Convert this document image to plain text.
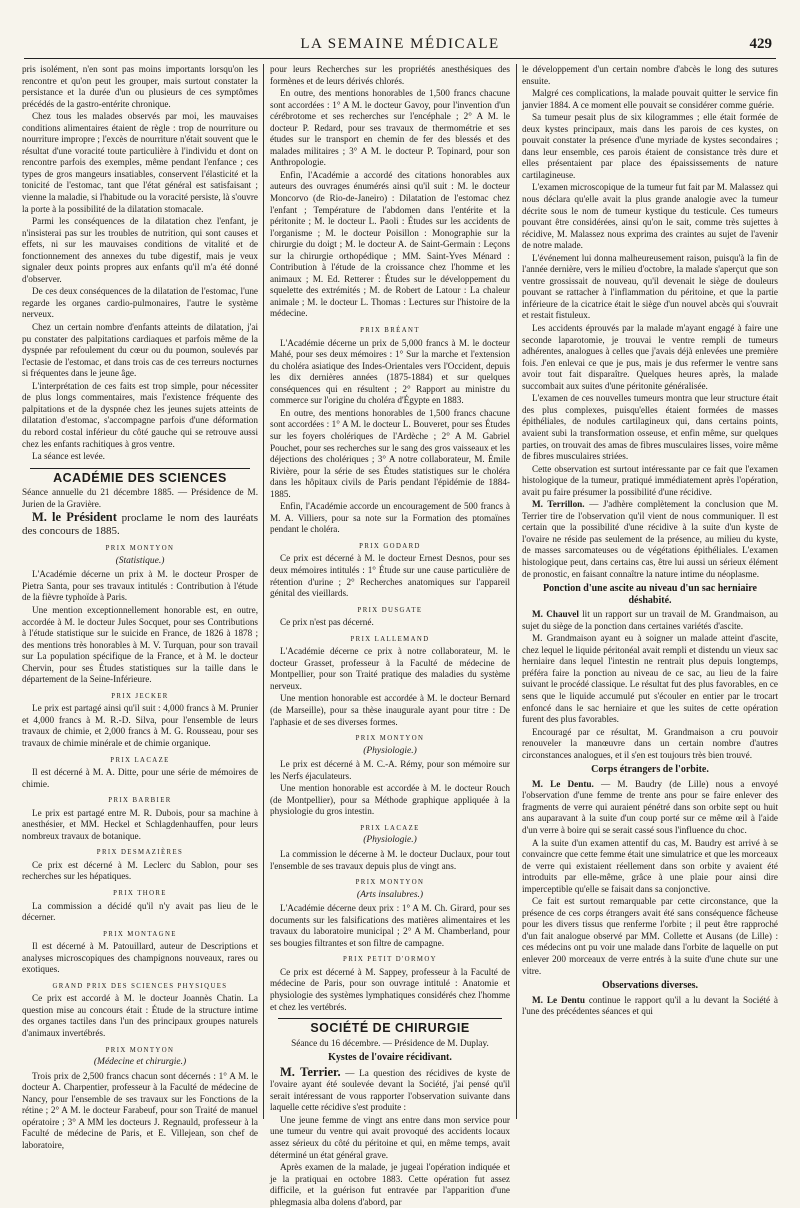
LA SEMAINE MÉDICALE	429

pris isolément, n'en sont pas moins importants lorsqu'on les rencontre et qu'on peut les grouper, mais surtout constater la persistance et la durée d'un ou plusieurs de ces symptômes précédés de la gastro-entérite chronique.

Chez tous les malades observés par moi, les mauvaises conditions alimentaires étaient de règle : trop de nourriture ou nourriture impropre ; l'excès de nourriture n'était souvent que le résultat d'une voracité toute particulière à l'individu et dont on rencontre parfois des exemples, même pendant l'enfance ; ces types de gros mangeurs insatiables, conservent l'élasticité et la tonicité de l'estomac, tant que l'état général est satisfaisant ; vienne la maladie, si l'habitude ou la voracité persiste, là s'ouvre la porte à la possibilité de la dilatation stomacale.

Parmi les conséquences de la dilatation chez l'enfant, je n'insisterai pas sur les troubles de nutrition, qui sont causes et effets, ni sur les mauvaises conditions de vitalité et de fonctionnement des annexes du tube digestif, mais je veux signaler deux points propres aux enfants qu'il m'a été donné d'observer.

De ces deux conséquences de la dilatation de l'estomac, l'une regarde les organes cardio-pulmonaires, l'autre le système nerveux.

Chez un certain nombre d'enfants atteints de dilatation, j'ai pu constater des palpitations cardiaques et parfois même de la dyspnée par refoulement du cœur ou du poumon, soulevés par l'ectasie de l'estomac, et dans trois cas de ces terreurs nocturnes si fréquentes dans le jeune âge.

L'interprétation de ces faits est trop simple, pour nécessiter de plus longs commentaires, mais l'existence fréquente des palpitations et de la dyspnée chez les jeunes sujets atteints de dilatation d'estomac, s'accompagne parfois d'une déformation du rebord costal inférieur du côté gauche qui se retrouve aussi chez les enfants rachitiques à gros ventre.

La séance est levée.

ACADÉMIE DES SCIENCES

Séance annuelle du 21 décembre 1885. — Présidence de M. Jurien de la Gravière.

M. le Président proclame le nom des lauréats des concours de 1885.

PRIX MONTYON
(Statistique.)

L'Académie décerne un prix à M. le docteur Prosper de Pietra Santa, pour ses travaux intitulés : Contribution à l'étude de la fièvre typhoïde à Paris.

Une mention exceptionnellement honorable est, en outre, accordée à M. le docteur Jules Socquet, pour ses Contributions à l'étude statistique sur le suicide en France, de 1826 à 1878 ; des mentions très honorables à M. V. Turquan, pour son travail sur La population spécifique de la France, et à M. le docteur Chervin, pour ses Études statistiques sur la taille dans le département de la Seine-Inférieure.

PRIX JECKER

Le prix est partagé ainsi qu'il suit : 4,000 francs à M. Prunier et 4,000 francs à M. R.-D. Silva, pour l'ensemble de leurs travaux de chimie, et 2,000 francs à M. G. Rousseau, pour ses travaux de chimie minérale et de chimie organique.

PRIX LACAZE

Il est décerné à M. A. Ditte, pour une série de mémoires de chimie.

PRIX BARBIER

Le prix est partagé entre M. R. Dubois, pour sa machine à anesthésier, et MM. Heckel et Schlagdenhauffen, pour leurs nombreux travaux de botanique.

PRIX DESMAZIÈRES

Ce prix est décerné à M. Leclerc du Sablon, pour ses recherches sur les hépatiques.

PRIX THORE

La commission a décidé qu'il n'y avait pas lieu de le décerner.

PRIX MONTAGNE

Il est décerné à M. Patouillard, auteur de Descriptions et analyses microscopiques des champignons nouveaux, rares ou exotiques.

GRAND PRIX DES SCIENCES PHYSIQUES

Ce prix est accordé à M. le docteur Joannès Chatin. La question mise au concours était : Étude de la structure intime des organes tactiles dans l'un des principaux groupes naturels d'animaux invertébrés.

PRIX MONTYON
(Médecine et chirurgie.)

Trois prix de 2,500 francs chacun sont décernés : 1° A M. le docteur A. Charpentier, professeur à la Faculté de médecine de Nancy, pour l'ensemble de ses travaux sur les Fonctions de la rétine ; 2° A M. le docteur Farabeuf, pour son Traité de manuel opératoire ; 3° A MM les docteurs J. Regnauld, professeur à la Faculté de médecine de Paris, et E. Villejean, son chef de laboratoire,

pour leurs Recherches sur les propriétés anesthésiques des formènes et de leurs dérivés chlorés.

En outre, des mentions honorables de 1,500 francs chacune sont accordées : 1° A M. le docteur Gavoy, pour l'invention d'un cérébrotome et ses recherches sur l'encéphale ; 2° A M. le docteur P. Redard, pour ses travaux de thermométrie et ses études sur le transport en chemin de fer des blessés et des malades militaires ; 3° A M. le docteur P. Topinard, pour son Anthropologie.

Enfin, l'Académie a accordé des citations honorables aux auteurs des ouvrages énumérés ainsi qu'il suit : M. le docteur Moncorvo (de Rio-de-Janeiro) : Dilatation de l'estomac chez l'enfant ; Température de l'abdomen dans l'entérite et la péritonite ; M. le docteur L. Paoli : Études sur les accidents de l'organisme ; M. le docteur Poisillon : Monographie sur la chirurgie du doigt ; M. le docteur A. de Saint-Germain : Leçons sur la chirurgie orthopédique ; MM. Saint-Yves Ménard : Contribution à l'étude de la croissance chez l'homme et les animaux ; M. Ed. Retterer : Études sur le développement du squelette des extrémités ; M. de Robert de Latour : La chaleur animale ; M. le docteur L. Thomas : Lectures sur l'histoire de la médecine.

PRIX BRÉANT

L'Académie décerne un prix de 5,000 francs à M. le docteur Mahé, pour ses deux mémoires : 1° Sur la marche et l'extension du choléra asiatique des Indes-Orientales vers l'Occident, depuis les dix dernières années (1875-1884) et sur quelques conséquences qui en résultent ; 2° Rapport au ministre du commerce sur l'origine du choléra d'Égypte en 1883.

En outre, des mentions honorables de 1,500 francs chacune sont accordées : 1° A M. le docteur L. Bouveret, pour ses Études sur les foyers cholériques de l'Ardèche ; 2° A M. Gabriel Pouchet, pour ses recherches sur le sang des gros vaisseaux et les déjections des cholériques ; 3° A notre collaborateur, M. Émile Rivière, pour la série de ses Études statistiques sur le choléra dans les hôpitaux civils de Paris pendant l'épidémie de 1884-1885.

Enfin, l'Académie accorde un encouragement de 500 francs à M. A. Villiers, pour sa note sur la Formation des ptomaïnes pendant le choléra.

PRIX GODARD

Ce prix est décerné à M. le docteur Ernest Desnos, pour ses deux mémoires intitulés : 1° Étude sur une cause particulière de rétention d'urine ; 2° Recherches anatomiques sur l'appareil génital des vieillards.

PRIX DUSGATE

Ce prix n'est pas décerné.

PRIX LALLEMAND

L'Académie décerne ce prix à notre collaborateur, M. le docteur Grasset, professeur à la Faculté de médecine de Montpellier, pour son Traité pratique des maladies du système nerveux.

Une mention honorable est accordée à M. le docteur Bernard (de Marseille), pour sa thèse inaugurale ayant pour titre : De l'aphasie et de ses diverses formes.

PRIX MONTYON
(Physiologie.)

Le prix est décerné à M. C.-A. Rémy, pour son mémoire sur les Nerfs éjaculateurs.

Une mention honorable est accordée à M. le docteur Rouch (de Montpellier), pour sa Méthode graphique appliquée à la physiologie du gros intestin.

PRIX LACAZE
(Physiologie.)

La commission le décerne à M. le docteur Duclaux, pour tout l'ensemble de ses travaux depuis plus de vingt ans.

PRIX MONTYON
(Arts insalubres.)

L'Académie décerne deux prix : 1° A M. Ch. Girard, pour ses documents sur les falsifications des matières alimentaires et les travaux du laboratoire municipal ; 2° A M. Chamberland, pour ses bougies filtrantes et son filtre de campagne.

PRIX PETIT D'ORMOY

Ce prix est décerné à M. Sappey, professeur à la Faculté de médecine de Paris, pour son ouvrage intitulé : Anatomie et physiologie des systèmes lymphatiques considérés chez l'homme et chez les vertébrés.

SOCIÉTÉ DE CHIRURGIE

Séance du 16 décembre. — Présidence de M. Duplay.

Kystes de l'ovaire récidivant.

M. Terrier. — La question des récidives de kyste de l'ovaire ayant été soulevée devant la Société, j'ai pensé qu'il serait intéressant de vous rapporter l'observation suivante dans laquelle cette récidive s'est produite :

Une jeune femme de vingt ans entre dans mon service pour une tumeur du ventre qui avait provoqué des accidents locaux assez sérieux du côté du péritoine et qui, en même temps, avait déterminé un état général grave.

Après examen de la malade, je jugeai l'opération indiquée et je la pratiquai en octobre 1883. Cette opération fut assez difficile, et la guérison fut entravée par l'apparition d'une phlegmasia alba dolens d'abord, par

le développement d'un certain nombre d'abcès le long des sutures ensuite.

Malgré ces complications, la malade pouvait quitter le service fin janvier 1884. A ce moment elle pouvait se considérer comme guérie.

Sa tumeur pesait plus de six kilogrammes ; elle était formée de deux kystes principaux, mais dans les parois de ces kystes, on pouvait constater la présence d'une myriade de kystes secondaires ; dans leur ensemble, ces parois étaient de consistance très dure et elles présentaient par place des épaississements de nature cartilagineuse.

L'examen microscopique de la tumeur fut fait par M. Malassez qui nous déclara qu'elle avait la plus grande analogie avec la tumeur décrite sous le nom de tumeur kystique du testicule. Ces tumeurs pouvant être considérées, ainsi qu'on le sait, comme très sujettes à récidive, M. Malassez nous exprima des craintes au sujet de l'avenir de notre malade.

L'événement lui donna malheureusement raison, puisqu'à la fin de l'année dernière, vers le milieu d'octobre, la malade s'aperçut que son ventre grossissait de nouveau, qu'il devenait le siège de douleurs pouvant se rattacher à l'inflammation du péritoine, et que la partie inférieure de la cicatrice était le siège d'un nouvel abcès qui s'ouvrait et restait fistuleux.

Les accidents éprouvés par la malade m'ayant engagé à faire une seconde laparotomie, je trouvai le ventre rempli de tumeurs adhérentes, analogues à celles que j'avais déjà enlevées une première fois. J'en enlevai ce que je pus, mais je dus refermer le ventre sans avoir tout fait disparaître. Quelques heures après, la malade succombait aux suites d'une péritonite généralisée.

L'examen de ces nouvelles tumeurs montra que leur structure était des plus complexes, puisqu'elles étaient formées de masses épithéliales, de nodules cartilagineux qui, dans certains points, avaient subi la transformation osseuse, et enfin même, sur quelques parties, on trouvait des amas de fibres musculaires lisses, voire même de fibres musculaires striées.

Cette observation est surtout intéressante par ce fait que l'examen histologique de la tumeur, pratiqué immédiatement après l'opération, avait pu faire présumer la possibilité d'une récidive.

M. Terrillon. — J'adhère complètement la conclusion que M. Terrier tire de l'observation qu'il vient de nous communiquer. Il est certain que la possibilité d'une récidive à la suite d'un kyste de l'ovaire ne réside pas seulement de la présence, au milieu du kyste, de masses sarcomateuses ou de végétations épithéliales. L'examen histologique peut, dans certains cas, être lui aussi un sérieux élément de pronostic, en faisant connaître la nature intime du néoplasme.

Ponction d'une ascite au niveau d'un sac herniaire déshabité.

M. Chauvel lit un rapport sur un travail de M. Grandmaison, au sujet du siège de la ponction dans certaines variétés d'ascite.

M. Grandmaison ayant eu à soigner un malade atteint d'ascite, chez lequel le liquide péritonéal avait rempli et distendu un vieux sac herniaire dans lequel l'intestin ne rentrait plus depuis longtemps, préféra faire la ponction au niveau de ce sac, au lieu de la faire suivant le procédé classique. Le résultat fut des plus favorables, en ce sens que le liquide accumulé put s'écouler en entier par le trocart enfoncé dans le sac herniaire et que les suites de cette opération furent des plus favorables.

Encouragé par ce résultat, M. Grandmaison a cru pouvoir renouveler la manœuvre dans un certain nombre d'autres circonstances analogues, et il s'en est toujours très bien trouvé.

Corps étrangers de l'orbite.

M. Le Dentu. — M. Baudry (de Lille) nous a envoyé l'observation d'une femme de trente ans pour se faire enlever des fragments de verre qui auraient pénétré dans son orbite sept ou huit ans auparavant à la suite d'un coup porté sur ce même œil à l'aide d'un verre à boire qui se serait cassé sous l'influence du choc.

A la suite d'un examen attentif du cas, M. Baudry est arrivé à se convaincre que cette femme était une simulatrice et que les morceaux de verre qui existaient réellement dans son orbite y avaient été introduits par elle-même, grâce à une plaie pour ainsi dire imperceptible qu'elle se faisait dans sa conjonctive.

Ce fait est surtout remarquable par cette circonstance, que la présence de ces corps étrangers avait été sans conséquence fâcheuse pour les divers tissus que renferme l'orbite ; il peut être rapproché d'un fait analogue observé par MM. Collette et Ausans (de Lille) : ces médecins ont pu voir une malade dans l'orbite de laquelle on put enlever 200 morceaux de verre entrés à la suite d'une chute sur une vitre.

Observations diverses.

M. Le Dentu continue le rapport qu'il a lu devant la Société à l'une des précédentes séances et qui
